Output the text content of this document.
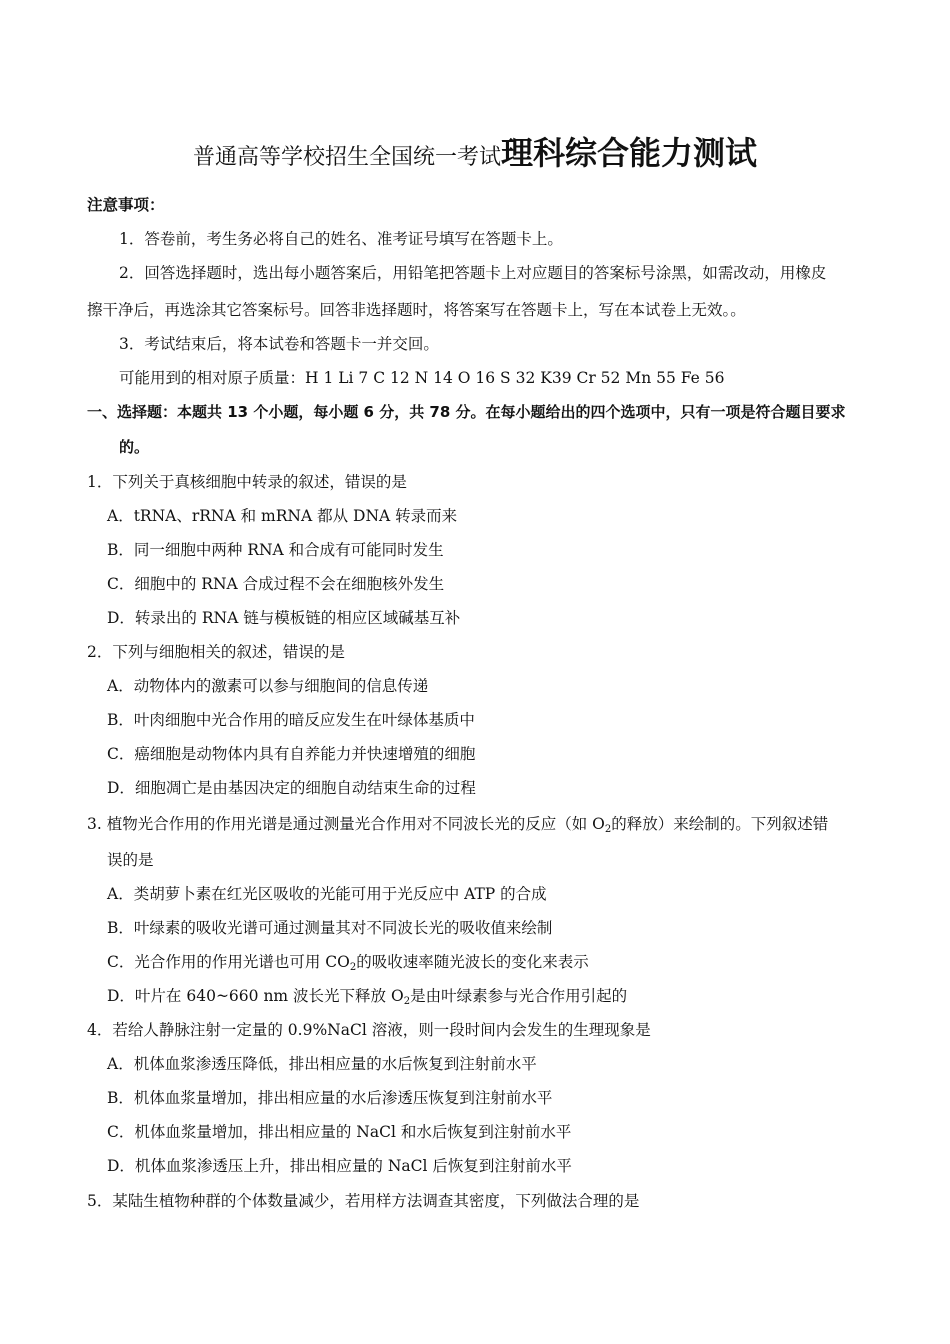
普通高等学校招生全国统一考试理科综合能力测试
注意事项：
1．答卷前，考生务必将自己的姓名、准考证号填写在答题卡上。
2．回答选择题时，选出每小题答案后，用铅笔把答题卡上对应题目的答案标号涂黑，如需改动，用橡皮
擦干净后，再选涂其它答案标号。回答非选择题时，将答案写在答题卡上，写在本试卷上无效。。
3．考试结束后，将本试卷和答题卡一并交回。
可能用到的相对原子质量：H 1 Li 7 C 12 N 14 O 16 S 32 K39 Cr 52 Mn 55 Fe 56
一、选择题：本题共 13 个小题，每小题 6 分，共 78 分。在每小题给出的四个选项中，只有一项是符合题目要求
的。
1．下列关于真核细胞中转录的叙述，错误的是
A．tRNA、rRNA 和 mRNA 都从 DNA 转录而来
B．同一细胞中两种 RNA 和合成有可能同时发生
C．细胞中的 RNA 合成过程不会在细胞核外发生
D．转录出的 RNA 链与模板链的相应区域碱基互补
2．下列与细胞相关的叙述，错误的是
A．动物体内的激素可以参与细胞间的信息传递
B．叶肉细胞中光合作用的暗反应发生在叶绿体基质中
C．癌细胞是动物体内具有自养能力并快速增殖的细胞
D．细胞凋亡是由基因决定的细胞自动结束生命的过程
3. 植物光合作用的作用光谱是通过测量光合作用对不同波长光的反应（如 $O_2$的释放）来绘制的。下列叙述错
误的是
A．类胡萝卜素在红光区吸收的光能可用于光反应中 ATP 的合成
B．叶绿素的吸收光谱可通过测量其对不同波长光的吸收值来绘制
C．光合作用的作用光谱也可用 $CO_2$的吸收速率随光波长的变化来表示
D．叶片在 640~660 nm 波长光下释放 $O_2$是由叶绿素参与光合作用引起的
4．若给人静脉注射一定量的 0.9%NaCl 溶液，则一段时间内会发生的生理现象是
A．机体血浆渗透压降低，排出相应量的水后恢复到注射前水平
B．机体血浆量增加，排出相应量的水后渗透压恢复到注射前水平
C．机体血浆量增加，排出相应量的 NaCl 和水后恢复到注射前水平
D．机体血浆渗透压上升，排出相应量的 NaCl 后恢复到注射前水平
5．某陆生植物种群的个体数量减少，若用样方法调查其密度，下列做法合理的是
